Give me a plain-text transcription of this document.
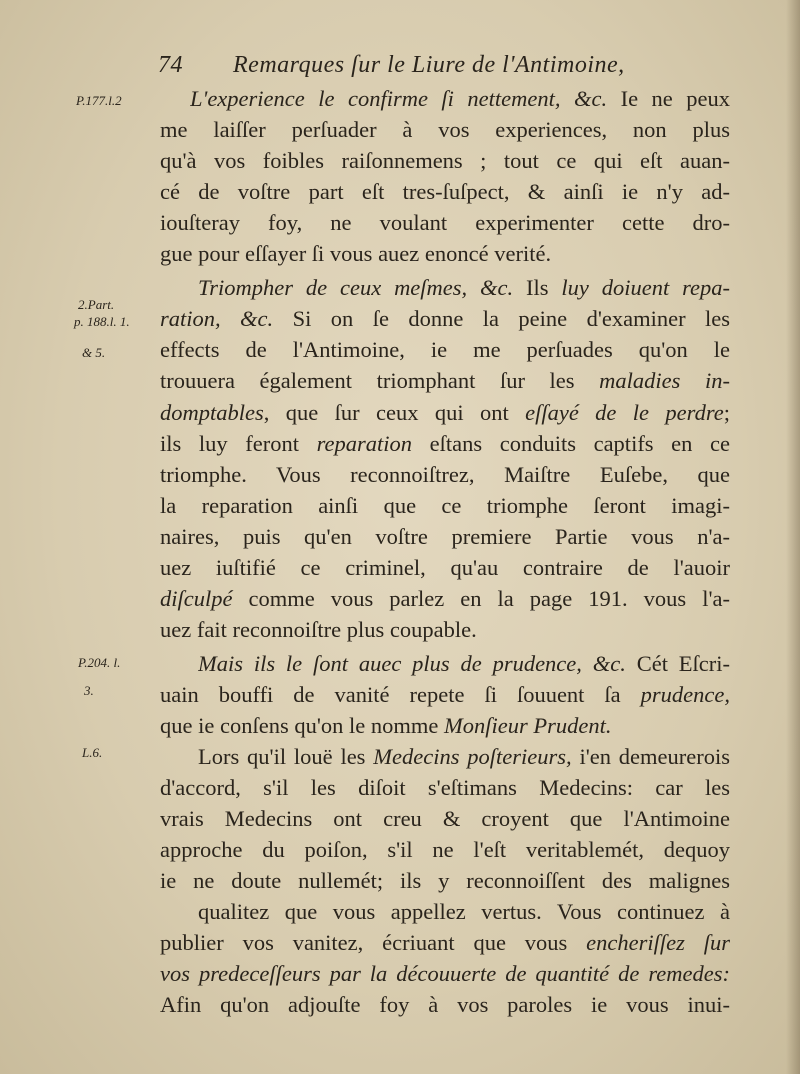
74 Remarques ſur le Liure de l'Antimoine,
P.177.l.2
2.Part.
p. 188.l. 1.
& 5.
P.204. l.
3.
L.6.
L'experience le confirme ſi nettement, &c. Ie ne peux
me laiſſer perſuader à vos experiences, non plus
qu'à vos foibles raiſonnemens ; tout ce qui eſt auan-
cé de voſtre part eſt tres-ſuſpect, & ainſi ie n'y ad-
iouſteray foy, ne voulant experimenter cette dro-
gue pour eſſayer ſi vous auez enoncé verité.
Triompher de ceux meſmes, &c. Ils luy doiuent repa-
ration, &c. Si on ſe donne la peine d'examiner les
effects de l'Antimoine, ie me perſuades qu'on le
trouuera également triomphant ſur les maladies in-
domptables, que ſur ceux qui ont eſſayé de le perdre;
ils luy feront reparation eſtans conduits captifs en ce
triomphe. Vous reconnoiſtrez, Maiſtre Euſebe, que
la reparation ainſi que ce triomphe ſeront imagi-
naires, puis qu'en voſtre premiere Partie vous n'a-
uez iuſtifié ce criminel, qu'au contraire de l'auoir
diſculpé comme vous parlez en la page 191. vous l'a-
uez fait reconnoiſtre plus coupable.
Mais ils le ſont auec plus de prudence, &c. Cét Eſcri-
uain bouffi de vanité repete ſi ſouuent ſa prudence,
que ie conſens qu'on le nomme Monſieur Prudent.
Lors qu'il louë les Medecins poſterieurs, i'en demeurerois
d'accord, s'il les diſoit s'eſtimans Medecins: car les
vrais Medecins ont creu & croyent que l'Antimoine
approche du poiſon, s'il ne l'eſt veritablemét, dequoy
ie ne doute nullemét; ils y reconnoiſſent des malignes
qualitez que vous appellez vertus. Vous continuez à
publier vos vanitez, écriuant que vous encheriſſez ſur
vos predeceſſeurs par la découuerte de quantité de remedes:
Afin qu'on adjouſte foy à vos paroles ie vous inui-
